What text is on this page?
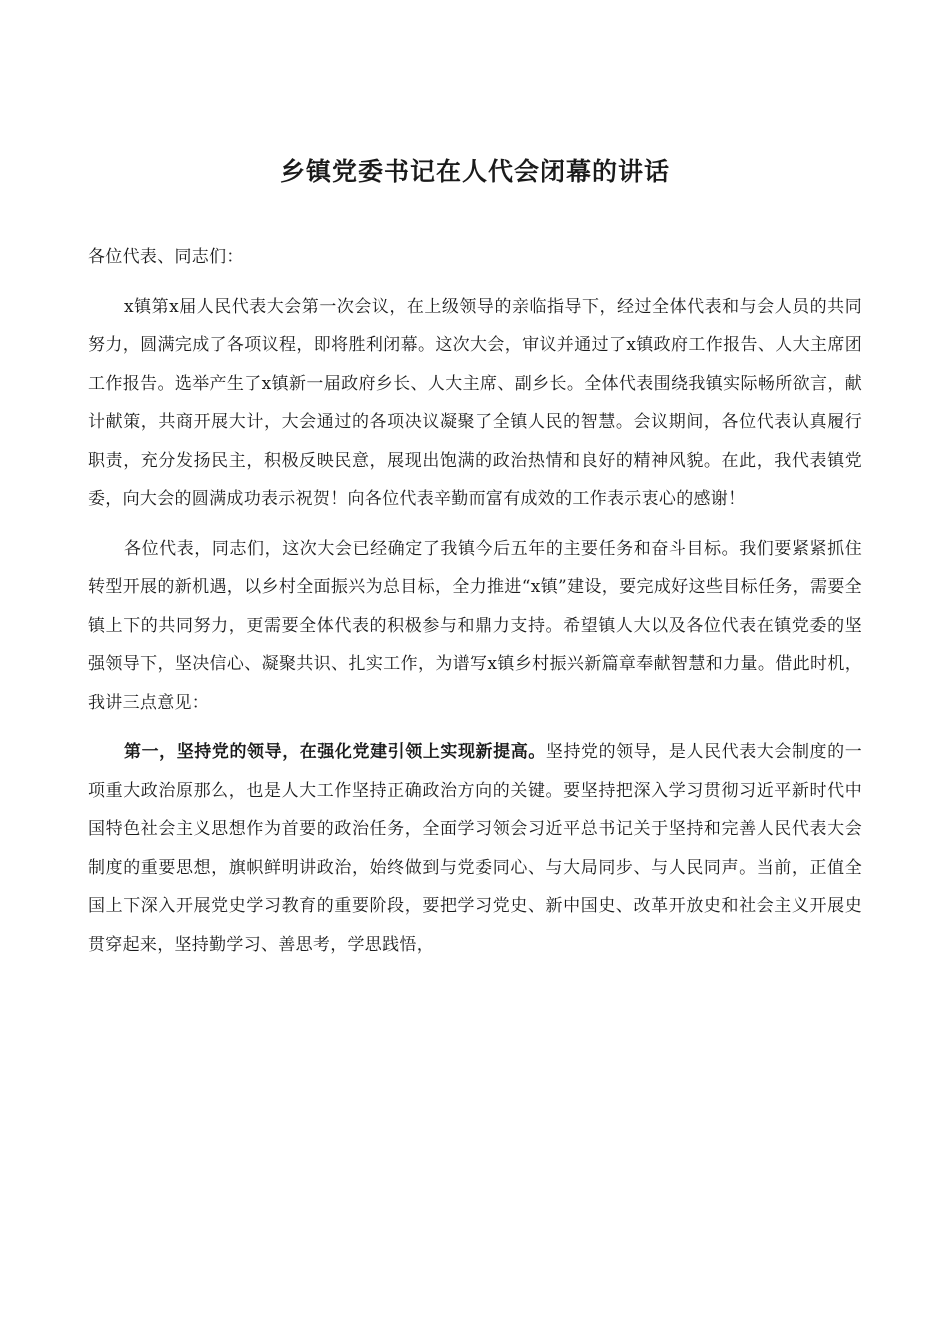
乡镇党委书记在人代会闭幕的讲话

各位代表、同志们：

x镇第x届人民代表大会第一次会议，在上级领导的亲临指导下，经过全体代表和与会人员的共同努力，圆满完成了各项议程，即将胜利闭幕。这次大会，审议并通过了x镇政府工作报告、人大主席团工作报告。选举产生了x镇新一届政府乡长、人大主席、副乡长。全体代表围绕我镇实际畅所欲言，献计献策，共商开展大计，大会通过的各项决议凝聚了全镇人民的智慧。会议期间，各位代表认真履行职责，充分发扬民主，积极反映民意，展现出饱满的政治热情和良好的精神风貌。在此，我代表镇党委，向大会的圆满成功表示祝贺！向各位代表辛勤而富有成效的工作表示衷心的感谢！

各位代表，同志们，这次大会已经确定了我镇今后五年的主要任务和奋斗目标。我们要紧紧抓住转型开展的新机遇，以乡村全面振兴为总目标，全力推进“x镇”建设，要完成好这些目标任务，需要全镇上下的共同努力，更需要全体代表的积极参与和鼎力支持。希望镇人大以及各位代表在镇党委的坚强领导下，坚决信心、凝聚共识、扎实工作，为谱写x镇乡村振兴新篇章奉献智慧和力量。借此时机，我讲三点意见：

第一，坚持党的领导，在强化党建引领上实现新提高。坚持党的领导，是人民代表大会制度的一项重大政治原那么，也是人大工作坚持正确政治方向的关键。要坚持把深入学习贯彻习近平新时代中国特色社会主义思想作为首要的政治任务，全面学习领会习近平总书记关于坚持和完善人民代表大会制度的重要思想，旗帜鲜明讲政治，始终做到与党委同心、与大局同步、与人民同声。当前，正值全国上下深入开展党史学习教育的重要阶段，要把学习党史、新中国史、改革开放史和社会主义开展史贯穿起来，坚持勤学习、善思考，学思践悟，
